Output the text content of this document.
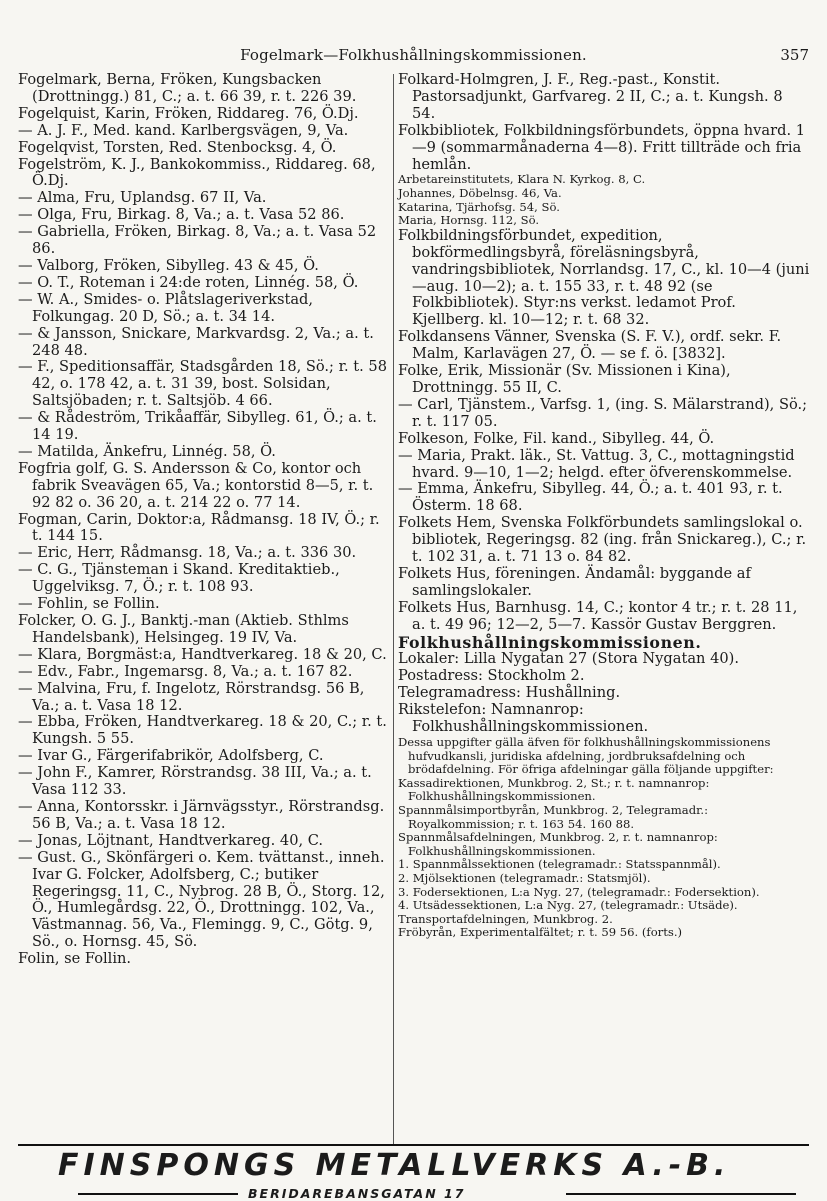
Fogelmark—Folkhushållningskommissionen.	357

Fogelmark, Berna, Fröken, Kungsbacken (Drottningg.) 81, C.; a. t. 66 39, r. t. 226 39.

Fogelquist, Karin, Fröken, Riddareg. 76, Ö.Dj.

— A. J. F., Med. kand. Karlbergsvägen, 9, Va.

Fogelqvist, Torsten, Red. Stenbocksg. 4, Ö.

Fogelström, K. J., Bankokommiss., Riddareg. 68, Ö.Dj.

— Alma, Fru, Uplandsg. 67 II, Va.

— Olga, Fru, Birkag. 8, Va.; a. t. Vasa 52 86.

— Gabriella, Fröken, Birkag. 8, Va.; a. t. Vasa 52 86.

— Valborg, Fröken, Sibylleg. 43 & 45, Ö.

— O. T., Roteman i 24:de roten, Linnég. 58, Ö.

— W. A., Smides- o. Plåtslageriverkstad, Folkungag. 20 D, Sö.; a. t. 34 14.

— & Jansson, Snickare, Markvardsg. 2, Va.; a. t. 248 48.

— F., Speditionsaffär, Stadsgården 18, Sö.; r. t. 58 42, o. 178 42, a. t. 31 39, bost. Solsidan, Saltsjöbaden; r. t. Saltsjöb. 4 66.

— & Rådeström, Trikåaffär, Sibylleg. 61, Ö.; a. t. 14 19.

— Matilda, Änkefru, Linnég. 58, Ö.

Fogfria golf, G. S. Andersson & Co, kontor och fabrik Sveavägen 65, Va.; kontorstid 8—5, r. t. 92 82 o. 36 20, a. t. 214 22 o. 77 14.

Fogman, Carin, Doktor:a, Rådmansg. 18 IV, Ö.; r. t. 144 15.

— Eric, Herr, Rådmansg. 18, Va.; a. t. 336 30.

— C. G., Tjänsteman i Skand. Kreditaktieb., Uggelviksg. 7, Ö.; r. t. 108 93.

— Fohlin, se Follin.

Folcker, O. G. J., Banktj.-man (Aktieb. Sthlms Handelsbank), Helsingeg. 19 IV, Va.

— Klara, Borgmäst:a, Handtverkareg. 18 & 20, C.

— Edv., Fabr., Ingemarsg. 8, Va.; a. t. 167 82.

— Malvina, Fru, f. Ingelotz, Rörstrandsg. 56 B, Va.; a. t. Vasa 18 12.

— Ebba, Fröken, Handtverkareg. 18 & 20, C.; r. t. Kungsh. 5 55.

— Ivar G., Färgerifabrikör, Adolfsberg, C.

— John F., Kamrer, Rörstrandsg. 38 III, Va.; a. t. Vasa 112 33.

— Anna, Kontorsskr. i Järnvägsstyr., Rörstrandsg. 56 B, Va.; a. t. Vasa 18 12.

— Jonas, Löjtnant, Handtverkareg. 40, C.

— Gust. G., Skönfärgeri o. Kem. tvättanst., inneh. Ivar G. Folcker, Adolfsberg, C.; butiker Regeringsg. 11, C., Nybrog. 28 B, Ö., Storg. 12, Ö., Humlegårdsg. 22, Ö., Drottningg. 102, Va., Västmannag. 56, Va., Flemingg. 9, C., Götg. 9, Sö., o. Hornsg. 45, Sö.

Folin, se Follin.

Folkard-Holmgren, J. F., Reg.-past., Konstit. Pastorsadjunkt, Garfvareg. 2 II, C.; a. t. Kungsh. 8 54.

Folkbibliotek, Folkbildningsförbundets, öppna hvard. 1—9 (sommarmånaderna 4—8). Fritt tillträde och fria hemlån.

Arbetareinstitutets, Klara N. Kyrkog. 8, C.

Johannes, Döbelnsg. 46, Va.

Katarina, Tjärhofsg. 54, Sö.

Maria, Hornsg. 112, Sö.

Folkbildningsförbundet, expedition, bokförmedlingsbyrå, föreläsningsbyrå, vandringsbibliotek, Norrlandsg. 17, C., kl. 10—4 (juni—aug. 10—2); a. t. 155 33, r. t. 48 92 (se Folkbibliotek). Styr:ns verkst. ledamot Prof. Kjellberg. kl. 10—12; r. t. 68 32.

Folkdansens Vänner, Svenska (S. F. V.), ordf. sekr. F. Malm, Karlavägen 27, Ö. — se f. ö. [3832].

Folke, Erik, Missionär (Sv. Missionen i Kina), Drottningg. 55 II, C.

— Carl, Tjänstem., Varfsg. 1, (ing. S. Mälarstrand), Sö.; r. t. 117 05.

Folkeson, Folke, Fil. kand., Sibylleg. 44, Ö.

— Maria, Prakt. läk., St. Vattug. 3, C., mottagningstid hvard. 9—10, 1—2; helgd. efter öfverenskommelse.

— Emma, Änkefru, Sibylleg. 44, Ö.; a. t. 401 93, r. t. Österm. 18 68.

Folkets Hem, Svenska Folkförbundets samlingslokal o. bibliotek, Regeringsg. 82 (ing. från Snickareg.), C.; r. t. 102 31, a. t. 71 13 o. 84 82.

Folkets Hus, föreningen. Ändamål: byggande af samlingslokaler.

Folkets Hus, Barnhusg. 14, C.; kontor 4 tr.; r. t. 28 11, a. t. 49 96; 12—2, 5—7. Kassör Gustav Berggren.

Folkhushållningskommissionen.

Lokaler: Lilla Nygatan 27 (Stora Nygatan 40).

Postadress: Stockholm 2.

Telegramadress: Hushållning.

Rikstelefon: Namnanrop: Folkhushållningskommissionen.

Dessa uppgifter gälla äfven för folkhushållningskommissionens hufvudkansli, juridiska afdelning, jordbruksafdelning och brödafdelning. För öfriga afdelningar gälla följande uppgifter:

Kassadirektionen, Munkbrog. 2, St.; r. t. namnanrop: Folkhushållningskommissionen.

Spannmålsimportbyrån, Munkbrog. 2, Telegramadr.: Royalkommission; r. t. 163 54. 160 88.

Spannmålsafdelningen, Munkbrog. 2, r. t. namnanrop: Folkhushållningskommissionen.

1. Spannmålssektionen (telegramadr.: Statsspannmål).

2. Mjölsektionen (telegramadr.: Statsmjöl).

3. Fodersektionen, L:a Nyg. 27, (telegramadr.: Fodersektion).

4. Utsädessektionen, L:a Nyg. 27, (telegramadr.: Utsäde).

Transportafdelningen, Munkbrog. 2.

Fröbyrån, Experimentalfältet; r. t. 59 56. (forts.)

FINSPONGS METALLVERKS A.-B.
BERIDAREBANSGATAN 17
